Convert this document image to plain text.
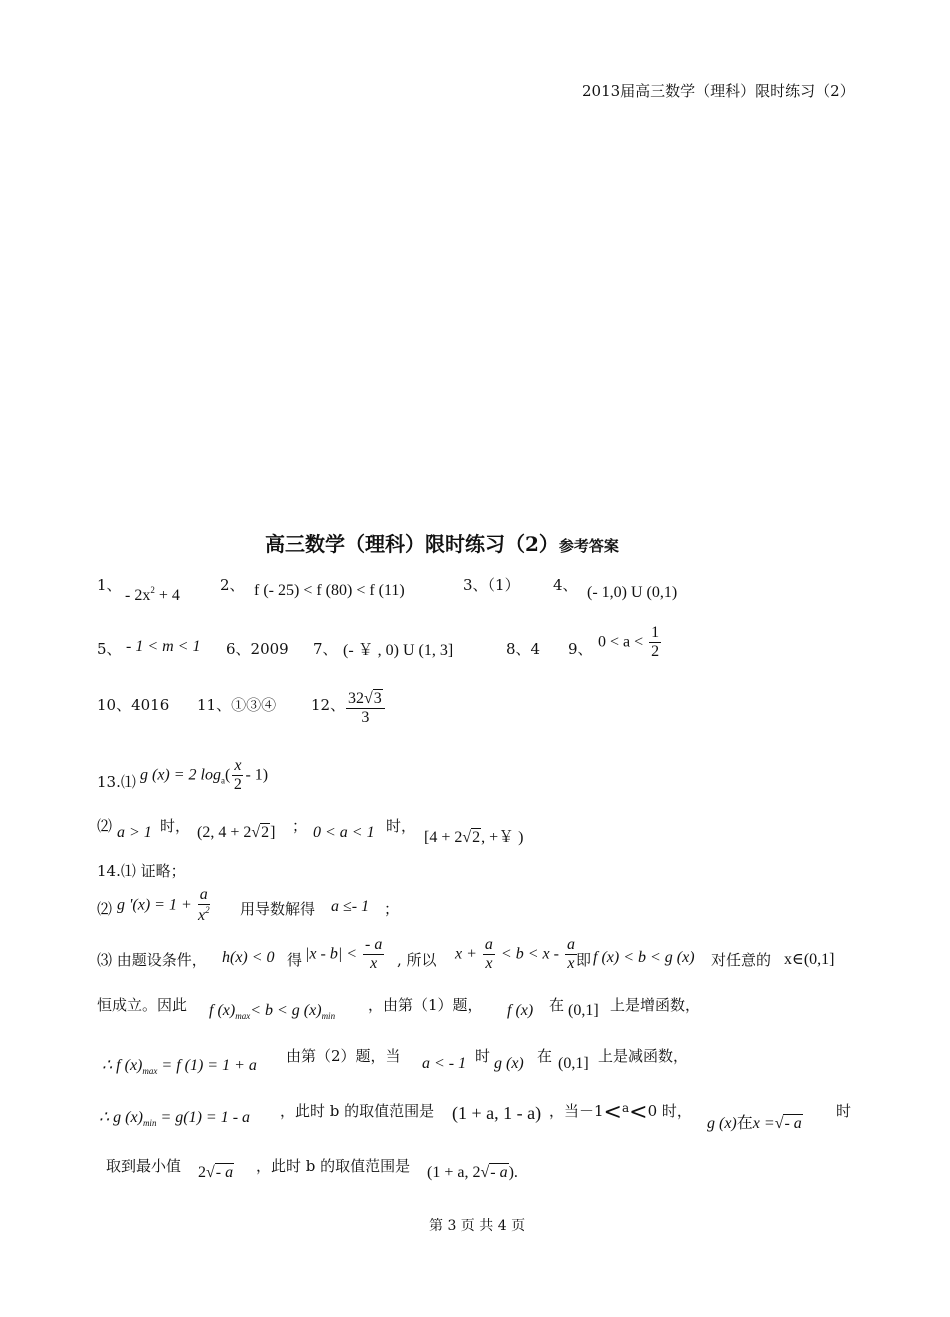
2013届高三数学（理科）限时练习（2）
高三数学（理科）限时练习（2）参考答案
1、
- $2x^2 + 4$
2、 f (- 25) < f (80) < f (11)	3、（1） 4、 (- 1,0) U (0,1)
5、 - 1 < m < 1 6、2009 7、 (- ￥ , 0) U (1, 3]	8、4 9、 $0 < a < \frac{1}{2}$
10、4016 11、①③④ 12、 $\frac{32√3}{3}$
13.⑴ g (x) = 2 $\log_a( \frac{x}{2} - 1)$
⑵ a > 1 时， (2, 4 + 2√2] ； 0 < a < 1 时，
[4 + 2√2, +￥ )
14.⑴ 证略；
⑵ g '$(x) = 1 + \frac{a}{x^2}$ 用导数解得 a ≤- 1 ；
⑶ 由题设条件， h(x) < 0 得 $|x - b| < \frac{- a}{x}$ , 所以 $x + \frac{a}{x} < b < x - \frac{a}{x}$ 即 f (x) < b < g (x) 对任意的 x∈(0,1]
恒成立。因此 f $(x)_{max}< b < g$ $(x)_{min}$
，由第（1）题， f (x) 在 (0,1] 上是增函数，
∴ f $(x)_{max} = f$ (1) = 1 + a
由第（2）题，当 a < - 1 时 g (x) 在 (0,1] 上是减函数，
∴ g $(x)_{min} = g(1) = 1 - a$ ，此时 b 的取值范围是 (1 + a, 1 - a) ，当－1<$^a$<0 时，
g (x)在x =√- a
时
取到最小值 2√- a ，此时 b 的取值范围是 (1 + a, 2√- a).
第 3 页 共 4 页
